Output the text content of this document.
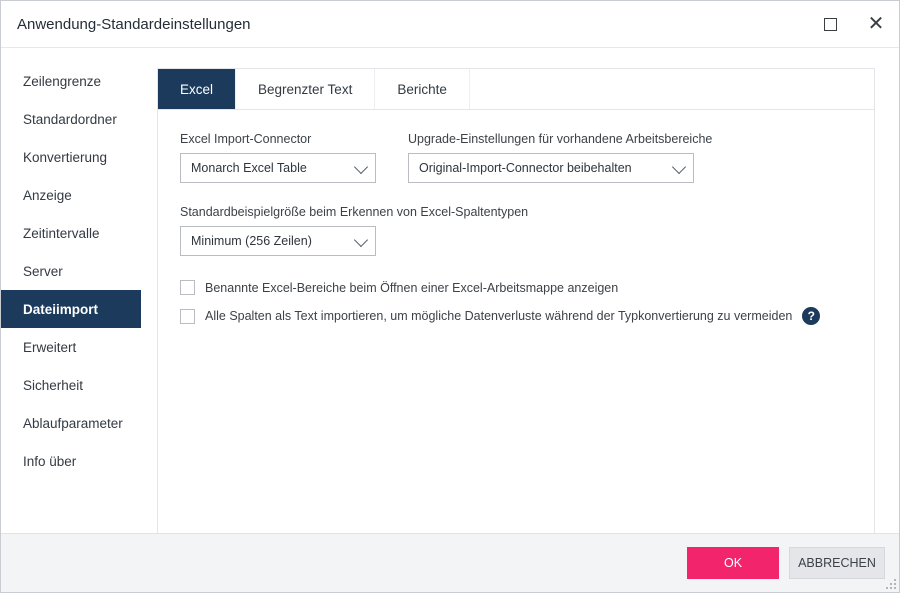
Anwendung-Standardeinstellungen	✕
Zeilengrenze
Standardordner
Konvertierung
Anzeige
Zeitintervalle
Server
Dateiimport
Erweitert
Sicherheit
Ablaufparameter
Info über
Excel	Begrenzter Text	Berichte
Excel Import-Connector
Monarch Excel Table
Upgrade-Einstellungen für vorhandene Arbeitsbereiche
Original-Import-Connector beibehalten
Standardbeispielgröße beim Erkennen von Excel-Spaltentypen
Minimum (256 Zeilen)
Benannte Excel-Bereiche beim Öffnen einer Excel-Arbeitsmappe anzeigen
Alle Spalten als Text importieren, um mögliche Datenverluste während der Typkonvertierung zu vermeiden	?
OK	ABBRECHEN
